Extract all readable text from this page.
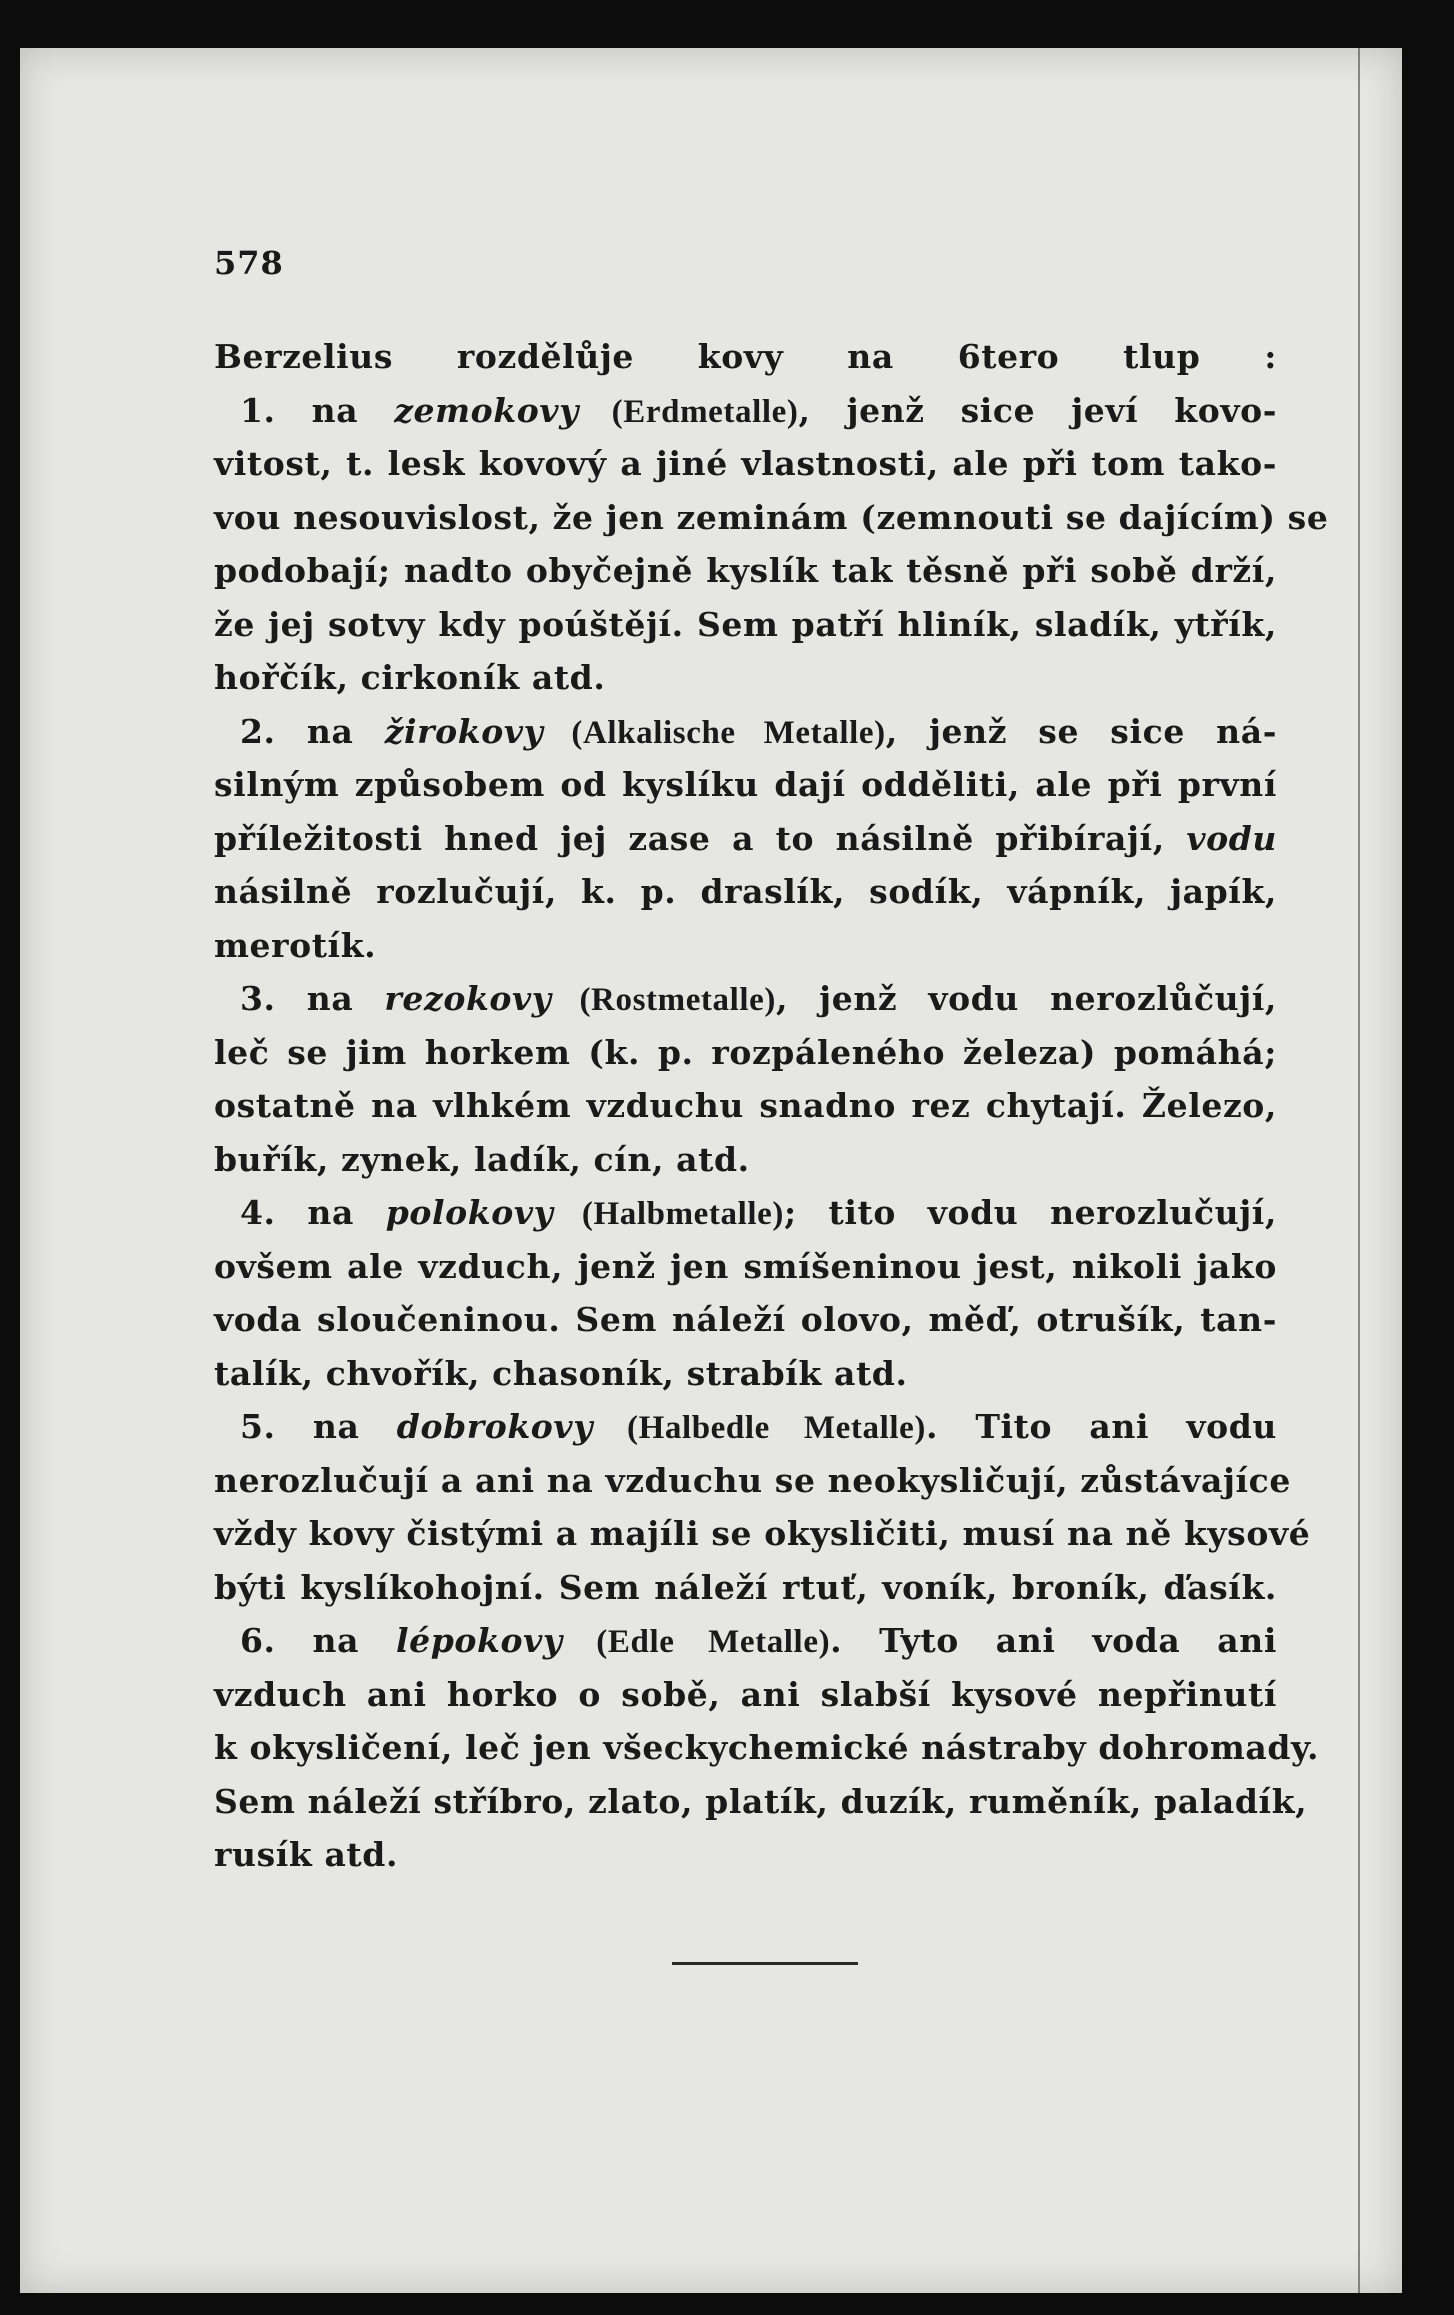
578
Berzelius rozdělůje kovy na 6tero tlup :
1. na zemokovy (Erdmetalle), jenž sice jeví kovo-
vitost, t. lesk kovový a jiné vlastnosti, ale při tom tako-
vou nesouvislost, že jen zeminám (zemnouti se dajícím) se
podobají; nadto obyčejně kyslík tak těsně při sobě drží,
že jej sotvy kdy poúštějí. Sem patří hliník, sladík, ytřík,
hořčík, cirkoník atd.
2. na žirokovy (Alkalische Metalle), jenž se sice ná-
silným způsobem od kyslíku dají odděliti, ale při první
příležitosti hned jej zase a to násilně přibírají, vodu
násilně rozlučují, k. p. draslík, sodík, vápník, japík,
merotík.
3. na rezokovy (Rostmetalle), jenž vodu nerozlůčují,
leč se jim horkem (k. p. rozpáleného železa) pomáhá;
ostatně na vlhkém vzduchu snadno rez chytají. Železo,
buřík, zynek, ladík, cín, atd.
4. na polokovy (Halbmetalle); tito vodu nerozlučují,
ovšem ale vzduch, jenž jen smíšeninou jest, nikoli jako
voda sloučeninou. Sem náleží olovo, měď, otrušík, tan-
talík, chvořík, chasoník, strabík atd.
5. na dobrokovy (Halbedle Metalle). Tito ani vodu
nerozlučují a ani na vzduchu se neokysličují, zůstávajíce
vždy kovy čistými a majíli se okysličiti, musí na ně kysové
býti kyslíkohojní. Sem náleží rtuť, voník, broník, ďasík.
6. na lépokovy (Edle Metalle). Tyto ani voda ani
vzduch ani horko o sobě, ani slabší kysové nepřinutí
k okysličení, leč jen všeckychemické nástraby dohromady.
Sem náleží stříbro, zlato, platík, duzík, ruměník, paladík,
rusík atd.
